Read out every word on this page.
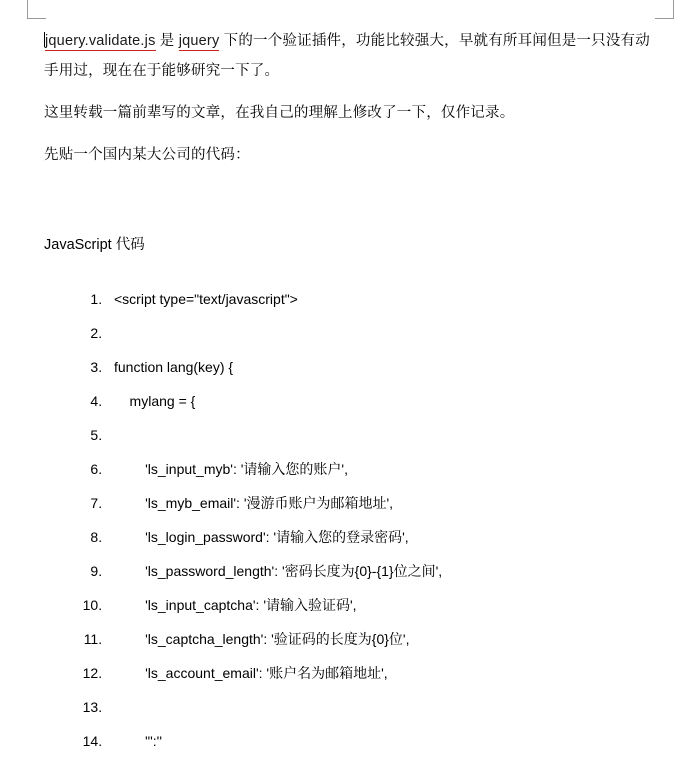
jquery.validate.js 是 jquery 下的一个验证插件，功能比较强大，早就有所耳闻但是一只没有动手用过，现在在于能够研究一下了。

这里转载一篇前辈写的文章，在我自己的理解上修改了一下，仅作记录。

先贴一个国内某大公司的代码：

JavaScript 代码

1. <script type="text/javascript">
2.
3. function lang(key) {
4.     mylang = {
5.
6.         'ls_input_myb': '请输入您的账户',
7.         'ls_myb_email': '漫游币账户为邮箱地址',
8.         'ls_login_password': '请输入您的登录密码',
9.         'ls_password_length': '密码长度为{0}-{1}位之间',
10.         'ls_input_captcha': '请输入验证码',
11.         'ls_captcha_length': '验证码的长度为{0}位',
12.         'ls_account_email': '账户名为邮箱地址',
13.
14.         "':''
